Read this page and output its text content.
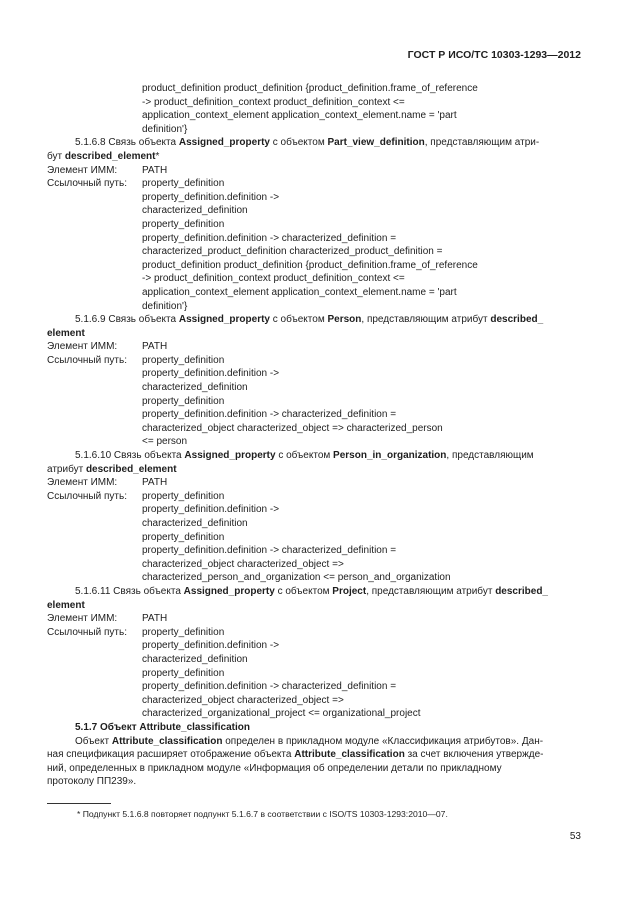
ГОСТ Р ИСО/ТС 10303-1293—2012
product_definition product_definition {product_definition.frame_of_reference
-> product_definition_context product_definition_context <=
application_context_element application_context_element.name = 'part
definition'}
5.1.6.8 Связь объекта Assigned_property с объектом Part_view_definition, представляющим атри-
бут described_element*
Элемент ИММ: PATH
Ссылочный путь: property_definition
property_definition.definition ->
characterized_definition
property_definition
property_definition.definition -> characterized_definition =
characterized_product_definition characterized_product_definition =
product_definition product_definition {product_definition.frame_of_reference
-> product_definition_context product_definition_context <=
application_context_element application_context_element.name = 'part
definition'}
5.1.6.9 Связь объекта Assigned_property с объектом Person, представляющим атрибут described_
element
Элемент ИММ: PATH
Ссылочный путь: property_definition
property_definition.definition ->
characterized_definition
property_definition
property_definition.definition -> characterized_definition =
characterized_object characterized_object => characterized_person
<= person
5.1.6.10 Связь объекта Assigned_property с объектом Person_in_organization, представляющим
атрибут described_element
Элемент ИММ: PATH
Ссылочный путь: property_definition
property_definition.definition ->
characterized_definition
property_definition
property_definition.definition -> characterized_definition =
characterized_object characterized_object =>
characterized_person_and_organization <= person_and_organization
5.1.6.11 Связь объекта Assigned_property с объектом Project, представляющим атрибут described_
element
Элемент ИММ: PATH
Ссылочный путь: property_definition
property_definition.definition ->
characterized_definition
property_definition
property_definition.definition -> characterized_definition =
characterized_object characterized_object =>
characterized_organizational_project <= organizational_project
5.1.7 Объект Attribute_classification
Объект Attribute_classification определен в прикладном модуле «Классификация атрибутов». Дан-
ная спецификация расширяет отображение объекта Attribute_classification за счет включения утвержде-
ний, определенных в прикладном модуле «Информация об определении детали по прикладному
протоколу ПП239».
* Подпункт 5.1.6.8 повторяет подпункт 5.1.6.7 в соответствии с ISO/TS 10303-1293:2010—07.
53
